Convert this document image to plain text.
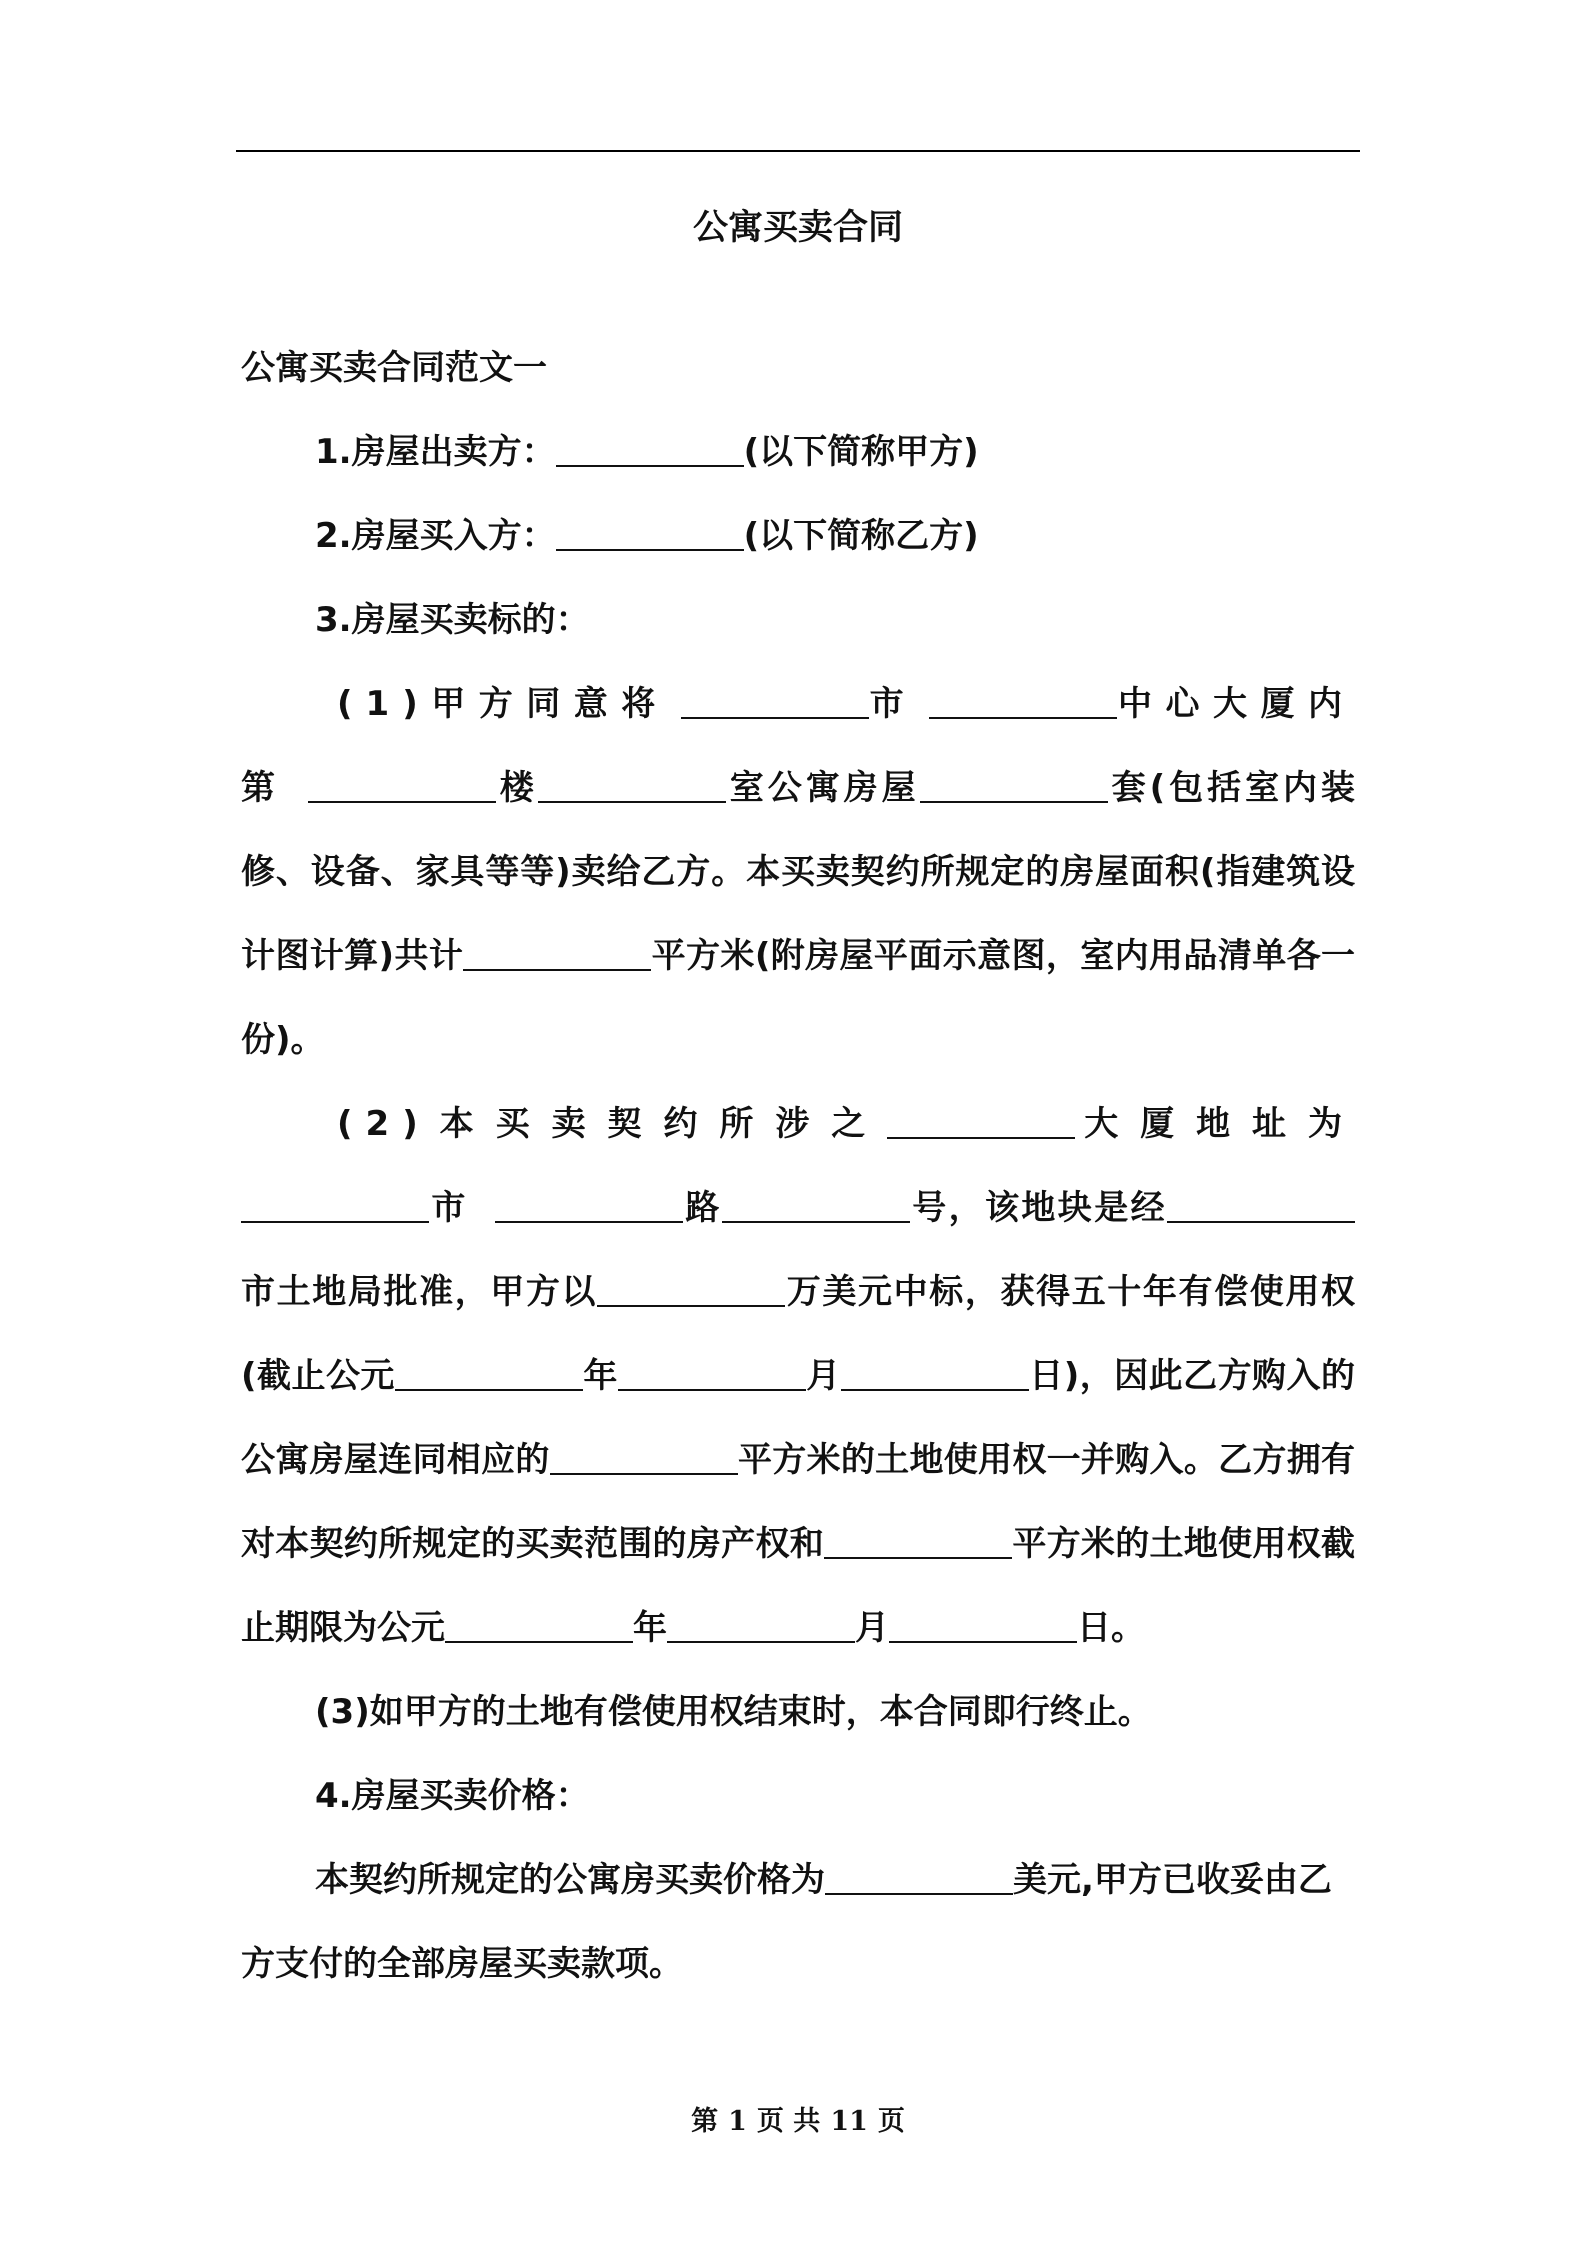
公寓买卖合同

公寓买卖合同范文一

1.房屋出卖方：	(以下简称甲方)

2.房屋买入方：	(以下简称乙方)

3.房屋买卖标的：

(1)甲方同意将	市	中心大厦内第	楼	室公寓房屋	套(包括室内装修、设备、家具等等)卖给乙方。本买卖契约所规定的房屋面积(指建筑设计图计算)共计	平方米(附房屋平面示意图，室内用品清单各一份)。

(2)本买卖契约所涉之	大厦地址为 市	路	号，该地块是经市土地局批准，甲方以	万美元中标，获得五十年有偿使用权(截止公元	年	月	日)，因此乙方购入的公寓房屋连同相应的	平方米的土地使用权一并购入。乙方拥有对本契约所规定的买卖范围的房产权和	平方米的土地使用权截止期限为公元	年	月	日。

(3)如甲方的土地有偿使用权结束时，本合同即行终止。

4.房屋买卖价格：

本契约所规定的公寓房买卖价格为	美元,甲方已收妥由乙方支付的全部房屋买卖款项。

第 1 页 共 11 页
